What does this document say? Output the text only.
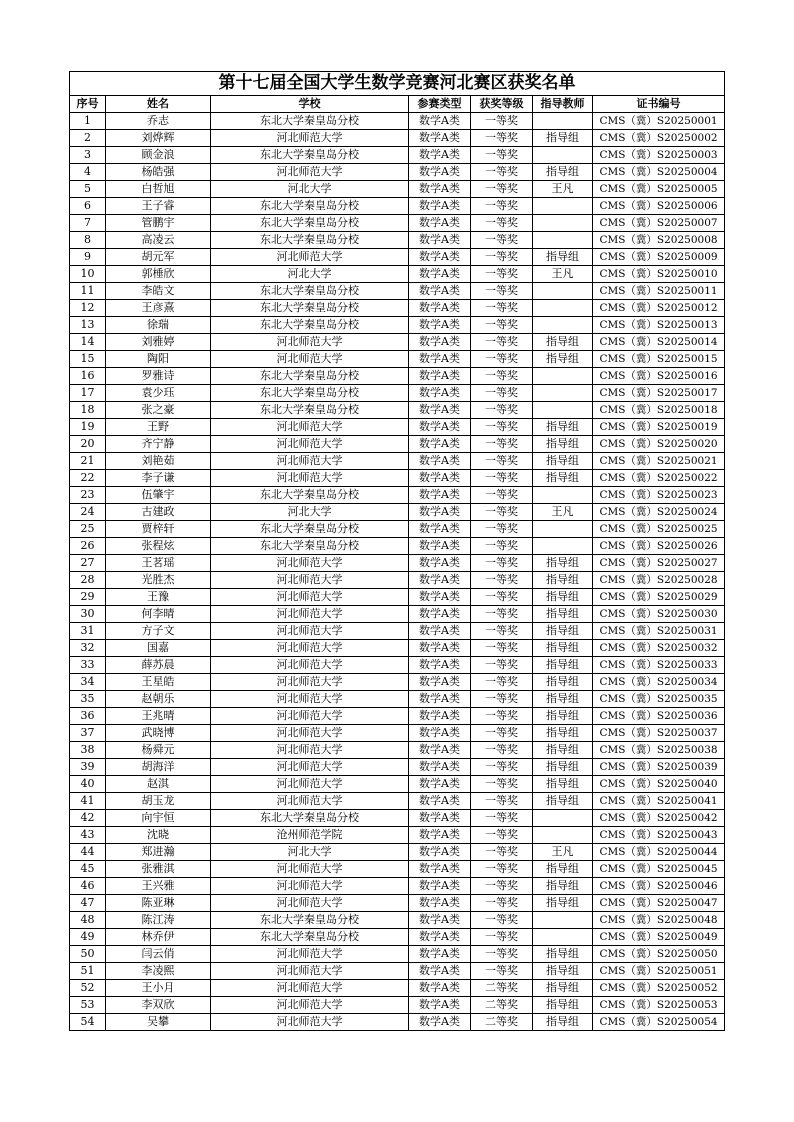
第十七届全国大学生数学竞赛河北赛区获奖名单						
序号	姓名	学校	参赛类型	获奖等级	指导教师	证书编号
1	乔志	东北大学秦皇岛分校	数学A类	一等奖		CMS（冀）S20250001
2	刘烨辉	河北师范大学	数学A类	一等奖	指导组	CMS（冀）S20250002
3	顾金浪	东北大学秦皇岛分校	数学A类	一等奖		CMS（冀）S20250003
4	杨皓强	河北师范大学	数学A类	一等奖	指导组	CMS（冀）S20250004
5	白哲旭	河北大学	数学A类	一等奖	王凡	CMS（冀）S20250005
6	王子睿	东北大学秦皇岛分校	数学A类	一等奖		CMS（冀）S20250006
7	管鹏宇	东北大学秦皇岛分校	数学A类	一等奖		CMS（冀）S20250007
8	高凌云	东北大学秦皇岛分校	数学A类	一等奖		CMS（冀）S20250008
9	胡元军	河北师范大学	数学A类	一等奖	指导组	CMS（冀）S20250009
10	郭棰欣	河北大学	数学A类	一等奖	王凡	CMS（冀）S20250010
11	李皓文	东北大学秦皇岛分校	数学A类	一等奖		CMS（冀）S20250011
12	王彦熹	东北大学秦皇岛分校	数学A类	一等奖		CMS（冀）S20250012
13	徐瑞	东北大学秦皇岛分校	数学A类	一等奖		CMS（冀）S20250013
14	刘雅婷	河北师范大学	数学A类	一等奖	指导组	CMS（冀）S20250014
15	陶阳	河北师范大学	数学A类	一等奖	指导组	CMS（冀）S20250015
16	罗雅诗	东北大学秦皇岛分校	数学A类	一等奖		CMS（冀）S20250016
17	袁少珏	东北大学秦皇岛分校	数学A类	一等奖		CMS（冀）S20250017
18	张之豪	东北大学秦皇岛分校	数学A类	一等奖		CMS（冀）S20250018
19	王野	河北师范大学	数学A类	一等奖	指导组	CMS（冀）S20250019
20	齐宁静	河北师范大学	数学A类	一等奖	指导组	CMS（冀）S20250020
21	刘艳茹	河北师范大学	数学A类	一等奖	指导组	CMS（冀）S20250021
22	李子谦	河北师范大学	数学A类	一等奖	指导组	CMS（冀）S20250022
23	伍肇宇	东北大学秦皇岛分校	数学A类	一等奖		CMS（冀）S20250023
24	古建政	河北大学	数学A类	一等奖	王凡	CMS（冀）S20250024
25	贾梓轩	东北大学秦皇岛分校	数学A类	一等奖		CMS（冀）S20250025
26	张程炫	东北大学秦皇岛分校	数学A类	一等奖		CMS（冀）S20250026
27	王茗瑶	河北师范大学	数学A类	一等奖	指导组	CMS（冀）S20250027
28	光胜杰	河北师范大学	数学A类	一等奖	指导组	CMS（冀）S20250028
29	王豫	河北师范大学	数学A类	一等奖	指导组	CMS（冀）S20250029
30	何李晴	河北师范大学	数学A类	一等奖	指导组	CMS（冀）S20250030
31	方子文	河北师范大学	数学A类	一等奖	指导组	CMS（冀）S20250031
32	国嘉	河北师范大学	数学A类	一等奖	指导组	CMS（冀）S20250032
33	薛苏晨	河北师范大学	数学A类	一等奖	指导组	CMS（冀）S20250033
34	王星皓	河北师范大学	数学A类	一等奖	指导组	CMS（冀）S20250034
35	赵朝乐	河北师范大学	数学A类	一等奖	指导组	CMS（冀）S20250035
36	王兆晴	河北师范大学	数学A类	一等奖	指导组	CMS（冀）S20250036
37	武晓博	河北师范大学	数学A类	一等奖	指导组	CMS（冀）S20250037
38	杨舜元	河北师范大学	数学A类	一等奖	指导组	CMS（冀）S20250038
39	胡海洋	河北师范大学	数学A类	一等奖	指导组	CMS（冀）S20250039
40	赵淇	河北师范大学	数学A类	一等奖	指导组	CMS（冀）S20250040
41	胡玉龙	河北师范大学	数学A类	一等奖	指导组	CMS（冀）S20250041
42	向宇恒	东北大学秦皇岛分校	数学A类	一等奖		CMS（冀）S20250042
43	沈晓	沧州师范学院	数学A类	一等奖		CMS（冀）S20250043
44	郑进瀚	河北大学	数学A类	一等奖	王凡	CMS（冀）S20250044
45	张雅淇	河北师范大学	数学A类	一等奖	指导组	CMS（冀）S20250045
46	王兴雅	河北师范大学	数学A类	一等奖	指导组	CMS（冀）S20250046
47	陈亚琳	河北师范大学	数学A类	一等奖	指导组	CMS（冀）S20250047
48	陈江涛	东北大学秦皇岛分校	数学A类	一等奖		CMS（冀）S20250048
49	林乔伊	东北大学秦皇岛分校	数学A类	一等奖		CMS（冀）S20250049
50	闫云俏	河北师范大学	数学A类	一等奖	指导组	CMS（冀）S20250050
51	李凌熙	河北师范大学	数学A类	一等奖	指导组	CMS（冀）S20250051
52	王小月	河北师范大学	数学A类	二等奖	指导组	CMS（冀）S20250052
53	李双欣	河北师范大学	数学A类	二等奖	指导组	CMS（冀）S20250053
54	吴攀	河北师范大学	数学A类	二等奖	指导组	CMS（冀）S20250054
